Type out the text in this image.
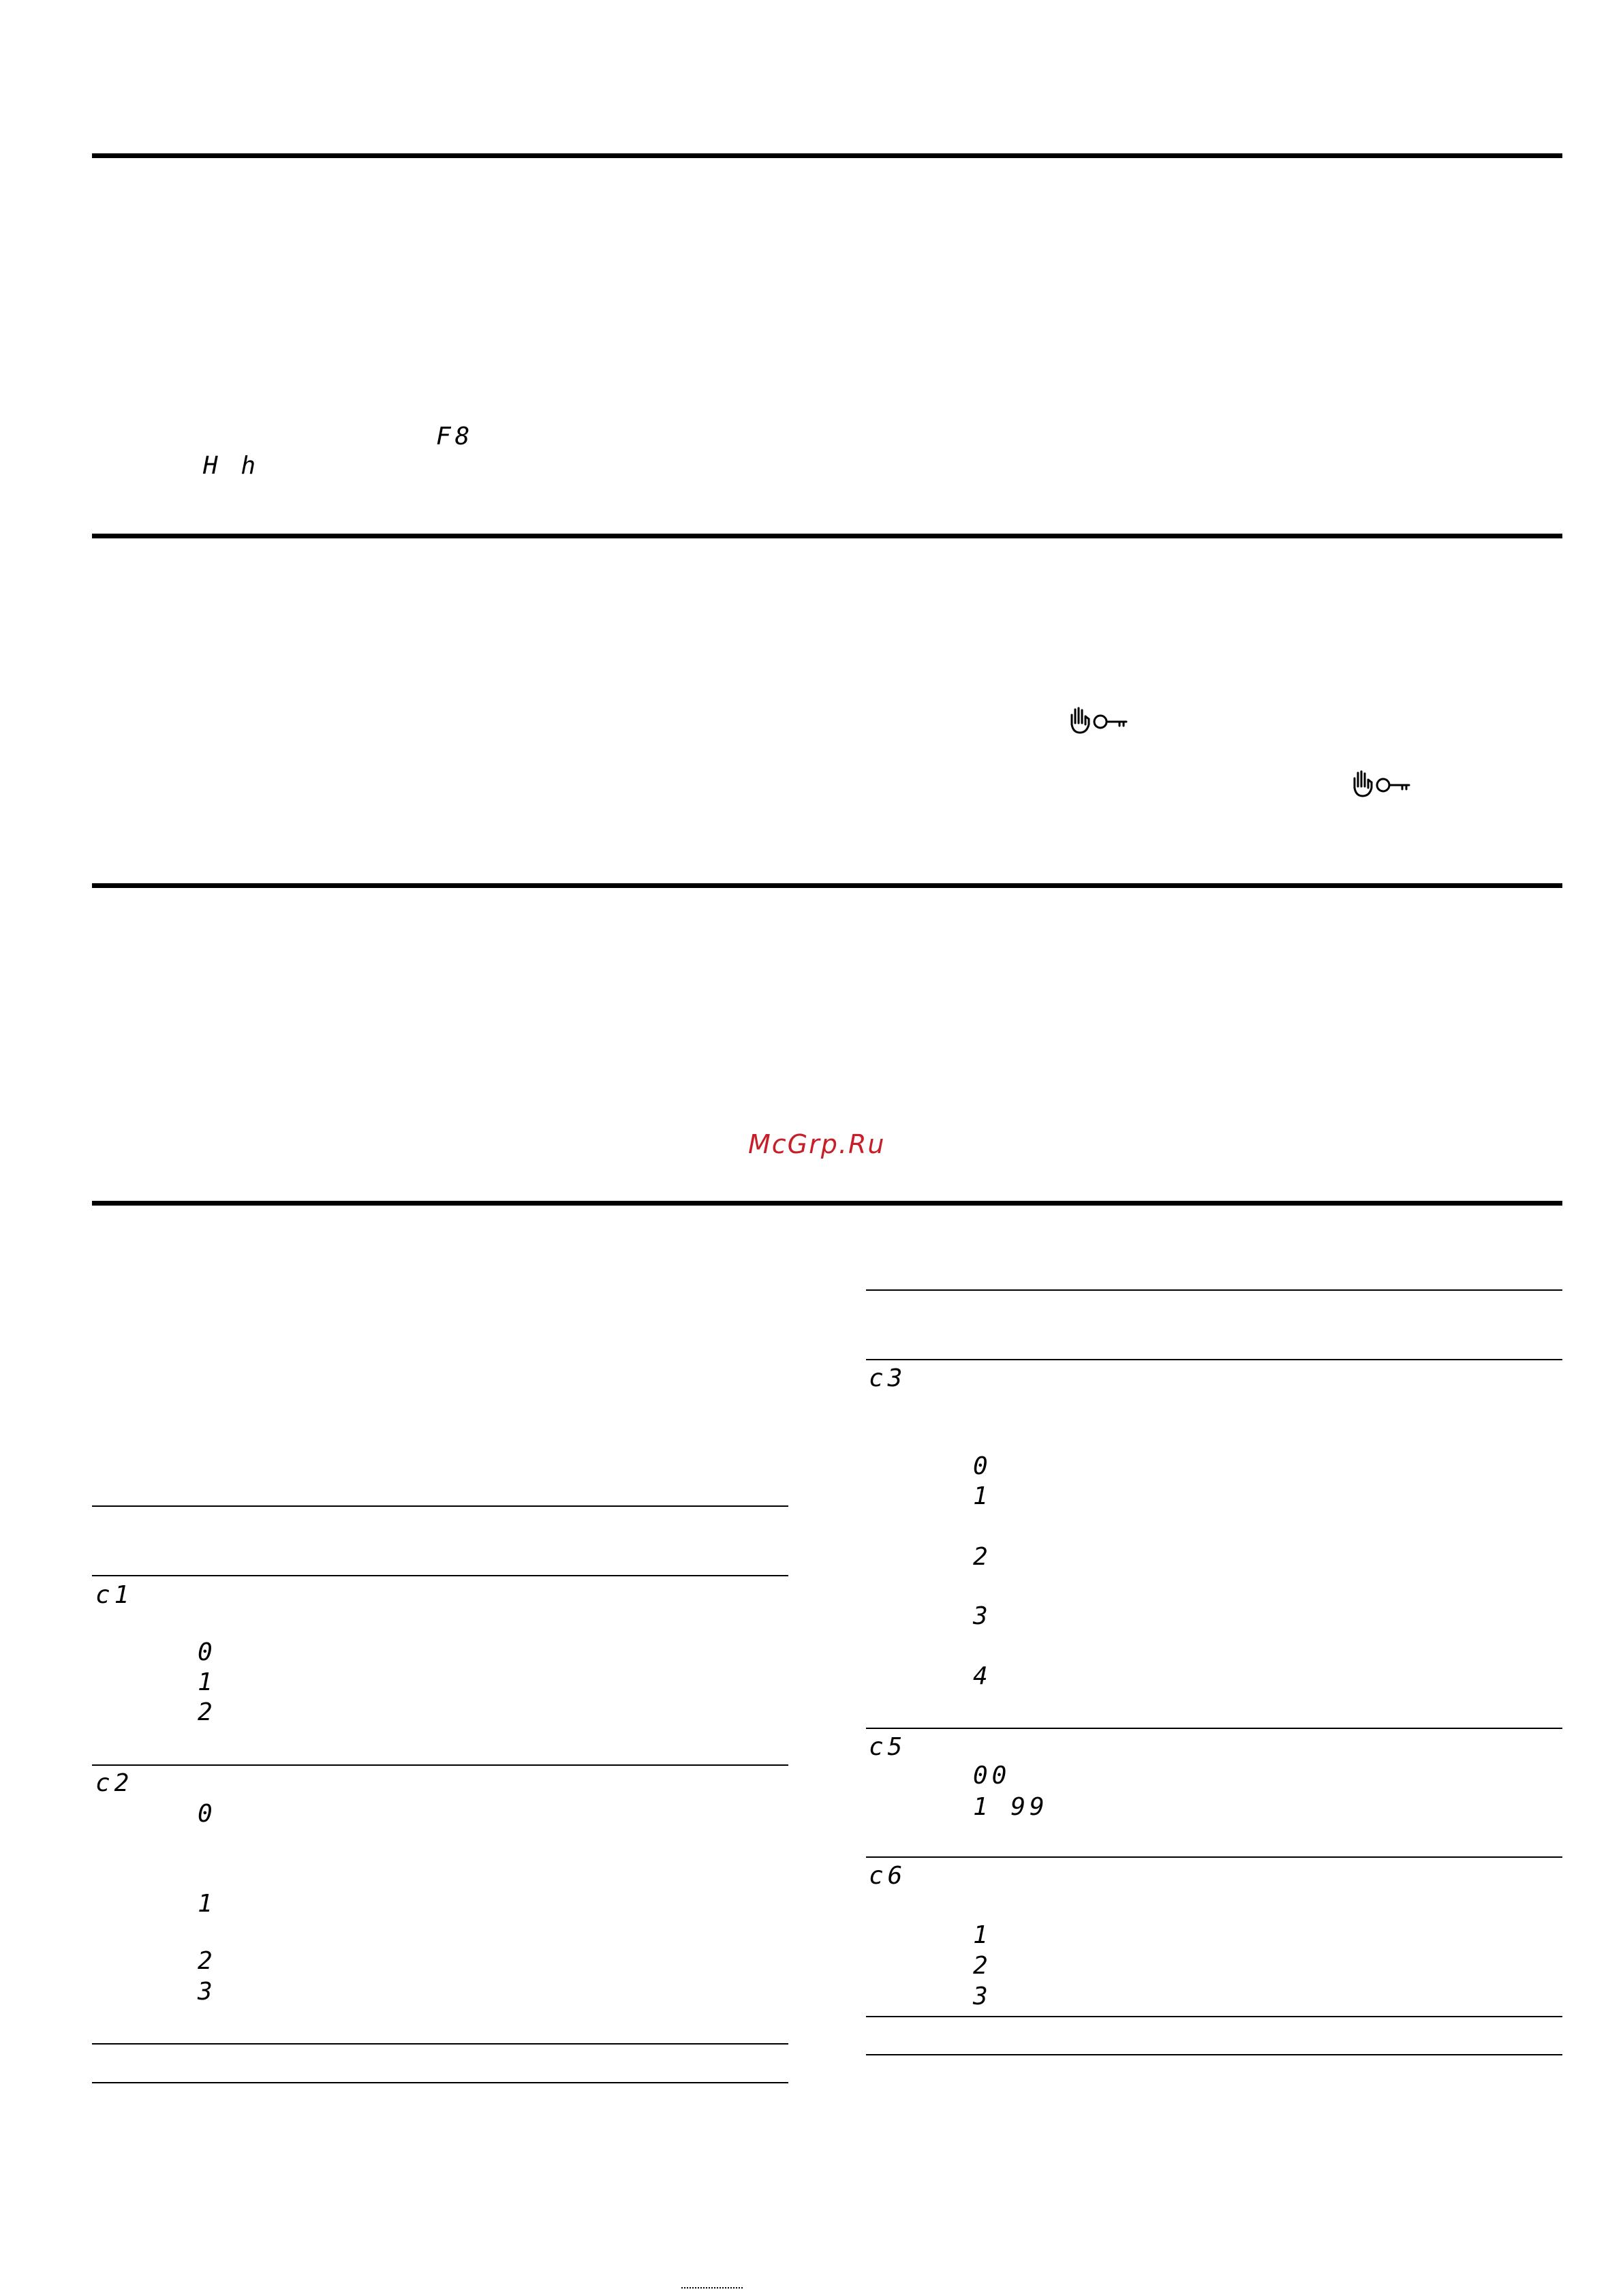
F8
H h
McGrp.Ru
c1
0
1
2
c2
0
1
2
3
c3
0
1
2
3
4
c5
00
1 99
c6
1
2
3
